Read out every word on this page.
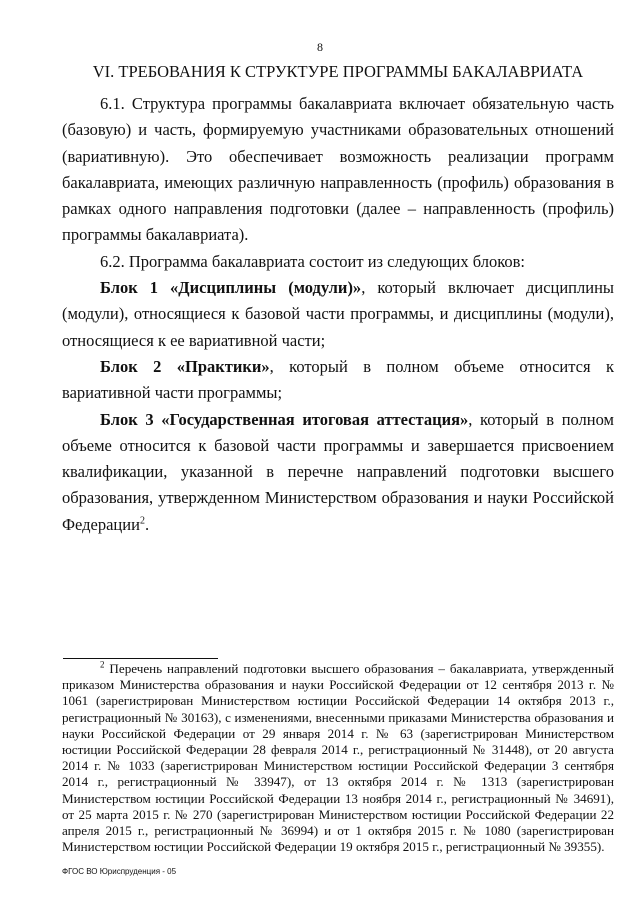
8
VI. ТРЕБОВАНИЯ К СТРУКТУРЕ ПРОГРАММЫ БАКАЛАВРИАТА

6.1. Структура программы бакалавриата включает обязательную часть (базовую) и часть, формируемую участниками образовательных отношений (вариативную). Это обеспечивает возможность реализации программ бакалавриата, имеющих различную направленность (профиль) образования в рамках одного направления подготовки (далее – направленность (профиль) программы бакалавриата).

6.2. Программа бакалавриата состоит из следующих блоков:

Блок 1 «Дисциплины (модули)», который включает дисциплины (модули), относящиеся к базовой части программы, и дисциплины (модули), относящиеся к ее вариативной части;

Блок 2 «Практики», который в полном объеме относится к вариативной части программы;

Блок 3 «Государственная итоговая аттестация», который в полном объеме относится к базовой части программы и завершается присвоением квалификации, указанной в перечне направлений подготовки высшего образования, утвержденном Министерством образования и науки Российской Федерации$^2$.

$^2$ Перечень направлений подготовки высшего образования – бакалавриата, утвержденный приказом Министерства образования и науки Российской Федерации от 12 сентября 2013 г. № 1061 (зарегистрирован Министерством юстиции Российской Федерации 14 октября 2013 г., регистрационный № 30163), с изменениями, внесенными приказами Министерства образования и науки Российской Федерации от 29 января 2014 г. № 63 (зарегистрирован Министерством юстиции Российской Федерации 28 февраля 2014 г., регистрационный № 31448), от 20 августа 2014 г. № 1033 (зарегистрирован Министерством юстиции Российской Федерации 3 сентября 2014 г., регистрационный № 33947), от 13 октября 2014 г. № 1313 (зарегистрирован Министерством юстиции Российской Федерации 13 ноября 2014 г., регистрационный № 34691), от 25 марта 2015 г. № 270 (зарегистрирован Министерством юстиции Российской Федерации 22 апреля 2015 г., регистрационный № 36994) и от 1 октября 2015 г. № 1080 (зарегистрирован Министерством юстиции Российской Федерации 19 октября 2015 г., регистрационный № 39355).

ФГОС ВО Юриспруденция - 05
